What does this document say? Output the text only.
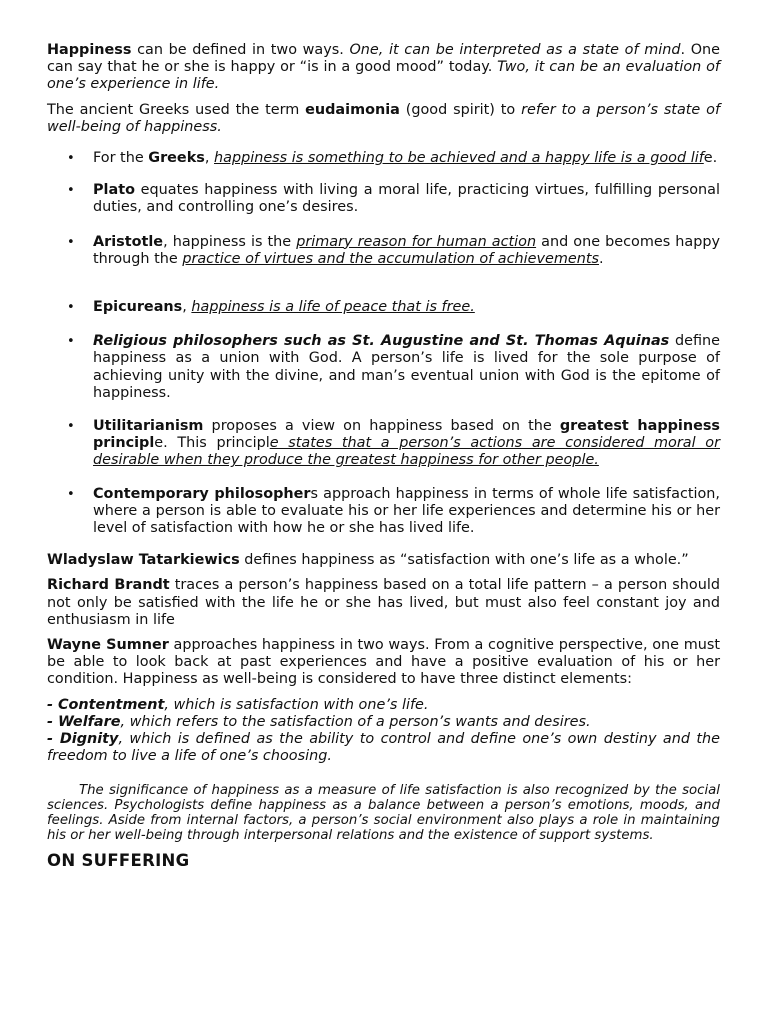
Happiness can be defined in two ways. One, it can be interpreted as a state of mind. One can say that he or she is happy or “is in a good mood” today. Two, it can be an evaluation of one’s experience in life.

The ancient Greeks used the term eudaimonia (good spirit) to refer to a person’s state of well-being of happiness.

• For the Greeks, happiness is something to be achieved and a happy life is a good life.
• Plato equates happiness with living a moral life, practicing virtues, fulfilling personal duties, and controlling one’s desires.
• Aristotle, happiness is the primary reason for human action and one becomes happy through the practice of virtues and the accumulation of achievements.
• Epicureans, happiness is a life of peace that is free.
• Religious philosophers such as St. Augustine and St. Thomas Aquinas define happiness as a union with God. A person’s life is lived for the sole purpose of achieving unity with the divine, and man’s eventual union with God is the epitome of happiness.
• Utilitarianism proposes a view on happiness based on the greatest happiness principle. This principle states that a person’s actions are considered moral or desirable when they produce the greatest happiness for other people.
• Contemporary philosophers approach happiness in terms of whole life satisfaction, where a person is able to evaluate his or her life experiences and determine his or her level of satisfaction with how he or she has lived life.

Wladyslaw Tatarkiewics defines happiness as “satisfaction with one’s life as a whole.”

Richard Brandt traces a person’s happiness based on a total life pattern – a person should not only be satisfied with the life he or she has lived, but must also feel constant joy and enthusiasm in life

Wayne Sumner approaches happiness in two ways. From a cognitive perspective, one must be able to look back at past experiences and have a positive evaluation of his or her condition. Happiness as well-being is considered to have three distinct elements:

- Contentment, which is satisfaction with one’s life.

- Welfare, which refers to the satisfaction of a person’s wants and desires.

- Dignity, which is defined as the ability to control and define one’s own destiny and the freedom to live a life of one’s choosing.

The significance of happiness as a measure of life satisfaction is also recognized by the social sciences. Psychologists define happiness as a balance between a person’s emotions, moods, and feelings. Aside from internal factors, a person’s social environment also plays a role in maintaining his or her well-being through interpersonal relations and the existence of support systems.

ON SUFFERING
